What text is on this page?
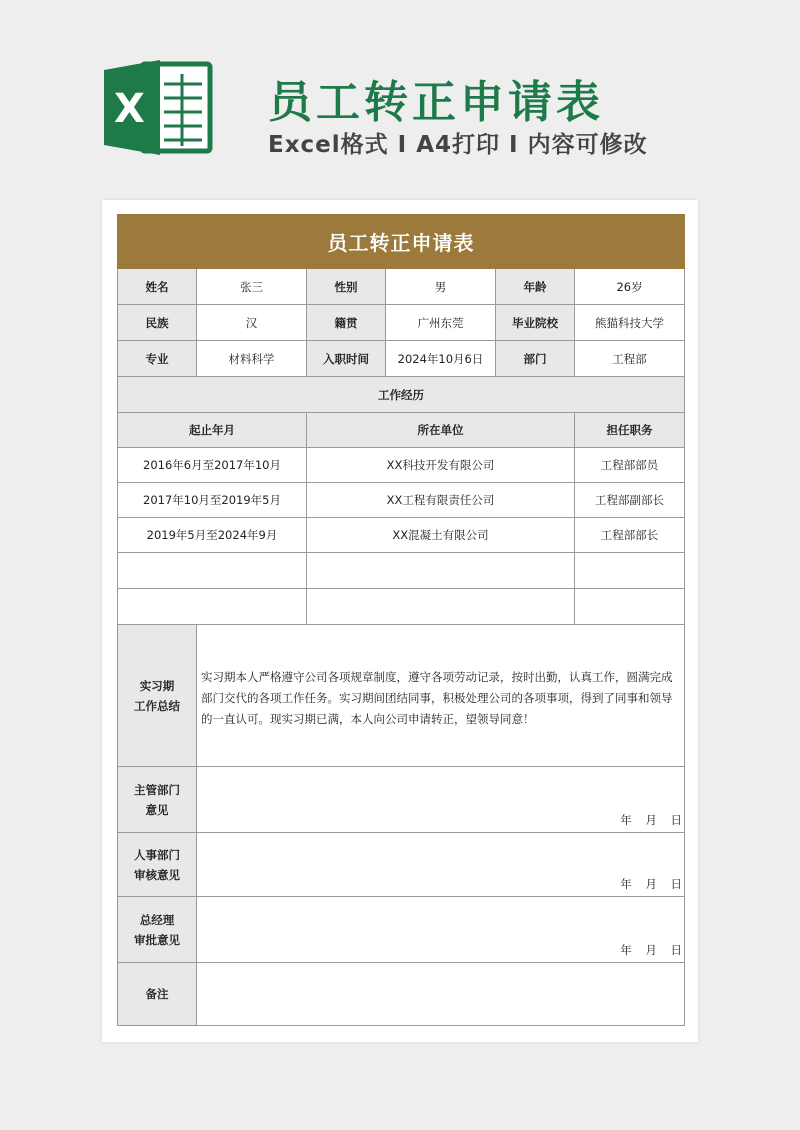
X	员工转正申请表
Excel格式 I A4打印 I 内容可修改
员工转正申请表					
姓名	张三	性别	男	年龄	26岁
民族	汉	籍贯	广州东莞	毕业院校	熊猫科技大学
专业	材料科学	入职时间	2024年10月6日	部门	工程部
工作经历					
起止年月		所在单位			担任职务
2016年6月至2017年10月		XX科技开发有限公司			工程部部员
2017年10月至2019年5月		XX工程有限责任公司			工程部副部长
2019年5月至2024年9月		XX混凝土有限公司			工程部部长

实习期
工作总结	实习期本人严格遵守公司各项规章制度，遵守各项劳动记录，按时出勤，认真工作，圆满完成部门交代的各项工作任务。实习期间团结同事，积极处理公司的各项事项，得到了同事和领导的一直认可。现实习期已满，本人向公司申请转正，望领导同意！				

主管部门
意见	年 月 日				

人事部门
审核意见	年 月 日				

总经理
审批意见	年 月 日				

备注					
